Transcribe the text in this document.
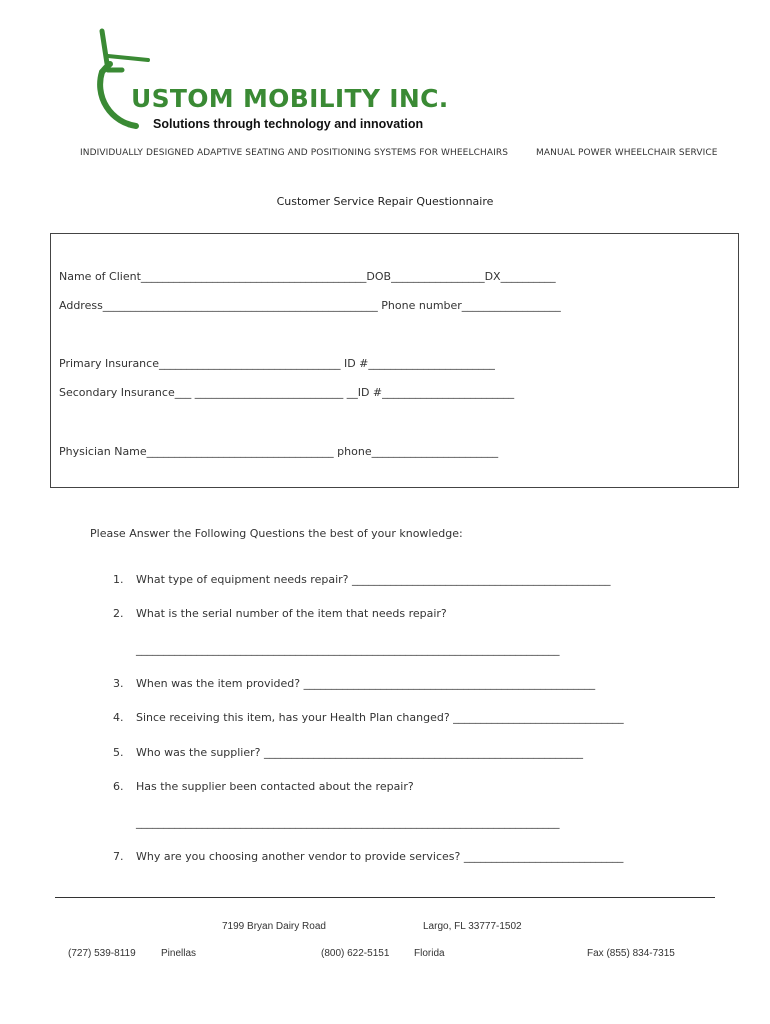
USTOM MOBILITY INC.
Solutions through technology and innovation
INDIVIDUALLY DESIGNED ADAPTIVE SEATING AND POSITIONING SYSTEMS FOR WHEELCHAIRS	MANUAL POWER WHEELCHAIR SERVICE
Customer Service Repair Questionnaire
Name of Client_________________________________________DOB_________________DX__________
Address__________________________________________________ Phone number__________________
Primary Insurance_________________________________ ID #_______________________
Secondary Insurance___ ___________________________ __ID #________________________
Physician Name__________________________________ phone_______________________
Please Answer the Following Questions the best of your knowledge:
1. What type of equipment needs repair? _______________________________________________
2. What is the serial number of the item that needs repair?
_____________________________________________________________________________
3. When was the item provided? _____________________________________________________
4. Since receiving this item, has your Health Plan changed? _______________________________
5. Who was the supplier? __________________________________________________________
6. Has the supplier been contacted about the repair?
_____________________________________________________________________________
7. Why are you choosing another vendor to provide services? _____________________________
7199 Bryan Dairy Road	Largo, FL 33777-1502
(727) 539-8119	Pinellas	(800) 622-5151 Florida	Fax (855) 834-7315
